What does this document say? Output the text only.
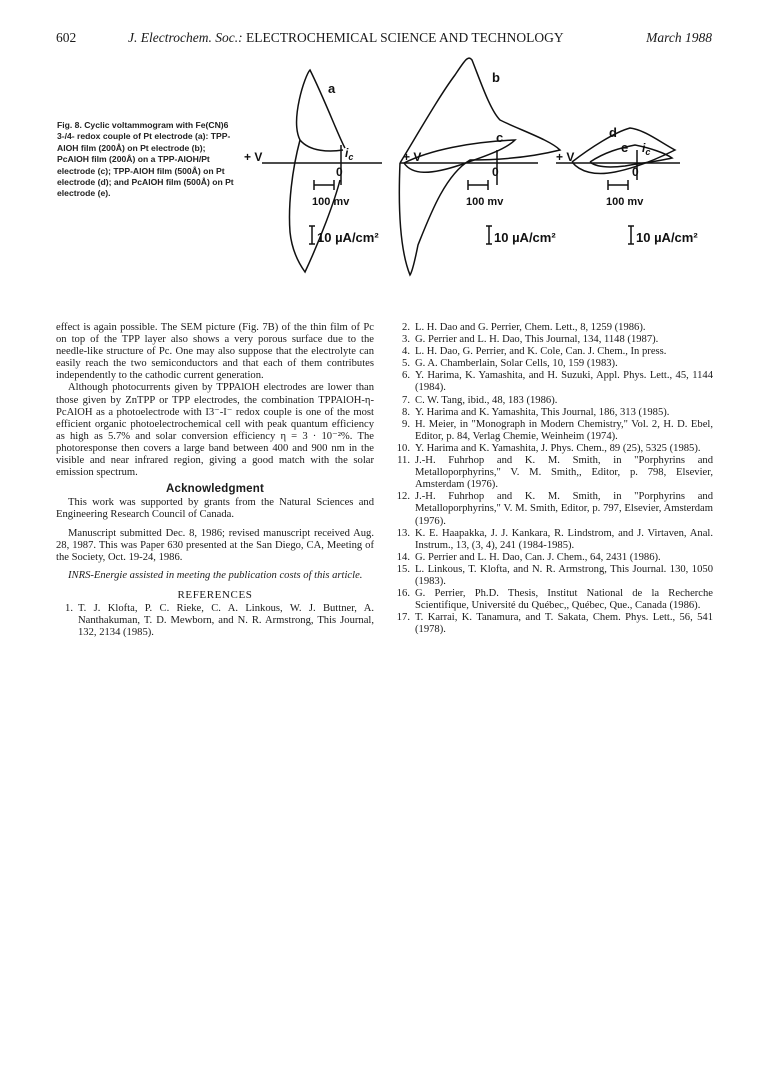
602	J. Electrochem. Soc.: ELECTROCHEMICAL SCIENCE AND TECHNOLOGY	March 1988
Fig. 8. Cyclic voltammogram with Fe(CN)6 3-/4- redox couple of Pt electrode (a): TPP-AlOH film (200Å) on Pt electrode (b); PcAlOH film (200Å) on a TPP-AlOH/Pt electrode (c); TPP-AlOH film (500Å) on Pt electrode (d); and PcAlOH film (500Å) on Pt electrode (e).
a
b
c	d
e
+ V	+ V	+ V
$i_c$
$i_c$
0	0	0
100 mv	100 mv	100 mv
10 µA/cm²	10 µA/cm²	10 µA/cm²

effect is again possible. The SEM picture (Fig. 7B) of the thin film of Pc on top of the TPP layer also shows a very porous surface due to the needle-like structure of Pc. One may also suppose that the electrolyte can easily reach the two semiconductors and that each of them contributes independently to the cathodic current generation.

Although photocurrents given by TPPAlOH electrodes are lower than those given by ZnTPP or TPP electrodes, the combination TPPAlOH-η-PcAlOH as a photoelectrode with I3⁻-I⁻ redox couple is one of the most efficient organic photoelectrochemical cell with peak quantum efficiency as high as 5.7% and solar conversion efficiency η = 3 · 10⁻²%. The photoresponse then covers a large band between 400 and 900 nm in the visible and near infrared region, giving a good match with the solar emission spectrum.

Acknowledgment

This work was supported by grants from the Natural Sciences and Engineering Research Council of Canada.

Manuscript submitted Dec. 8, 1986; revised manuscript received Aug. 28, 1987. This was Paper 630 presented at the San Diego, CA, Meeting of the Society, Oct. 19-24, 1986.

INRS-Energie assisted in meeting the publication costs of this article.

REFERENCES
1. T. J. Klofta, P. C. Rieke, C. A. Linkous, W. J. Buttner, A. Nanthakuman, T. D. Mewborn, and N. R. Armstrong, This Journal, 132, 2134 (1985).
2. L. H. Dao and G. Perrier, Chem. Lett., 8, 1259 (1986).
3. G. Perrier and L. H. Dao, This Journal, 134, 1148 (1987).
4. L. H. Dao, G. Perrier, and K. Cole, Can. J. Chem., In press.
5. G. A. Chamberlain, Solar Cells, 10, 159 (1983).
6. Y. Harima, K. Yamashita, and H. Suzuki, Appl. Phys. Lett., 45, 1144 (1984).
7. C. W. Tang, ibid., 48, 183 (1986).
8. Y. Harima and K. Yamashita, This Journal, 186, 313 (1985).
9. H. Meier, in "Monograph in Modern Chemistry," Vol. 2, H. D. Ebel, Editor, p. 84, Verlag Chemie, Weinheim (1974).
10. Y. Harima and K. Yamashita, J. Phys. Chem., 89 (25), 5325 (1985).
11. J.-H. Fuhrhop and K. M. Smith, in "Porphyrins and Metalloporphyrins," V. M. Smith,, Editor, p. 798, Elsevier, Amsterdam (1976).
12. J.-H. Fuhrhop and K. M. Smith, in "Porphyrins and Metalloporphyrins," V. M. Smith, Editor, p. 797, Elsevier, Amsterdam (1976).
13. K. E. Haapakka, J. J. Kankara, R. Lindstrom, and J. Virtaven, Anal. Instrum., 13, (3, 4), 241 (1984-1985).
14. G. Perrier and L. H. Dao, Can. J. Chem., 64, 2431 (1986).
15. L. Linkous, T. Klofta, and N. R. Armstrong, This Journal. 130, 1050 (1983).
16. G. Perrier, Ph.D. Thesis, Institut National de la Recherche Scientifique, Université du Québec,, Québec, Que., Canada (1986).
17. T. Karrai, K. Tanamura, and T. Sakata, Chem. Phys. Lett., 56, 541 (1978).
